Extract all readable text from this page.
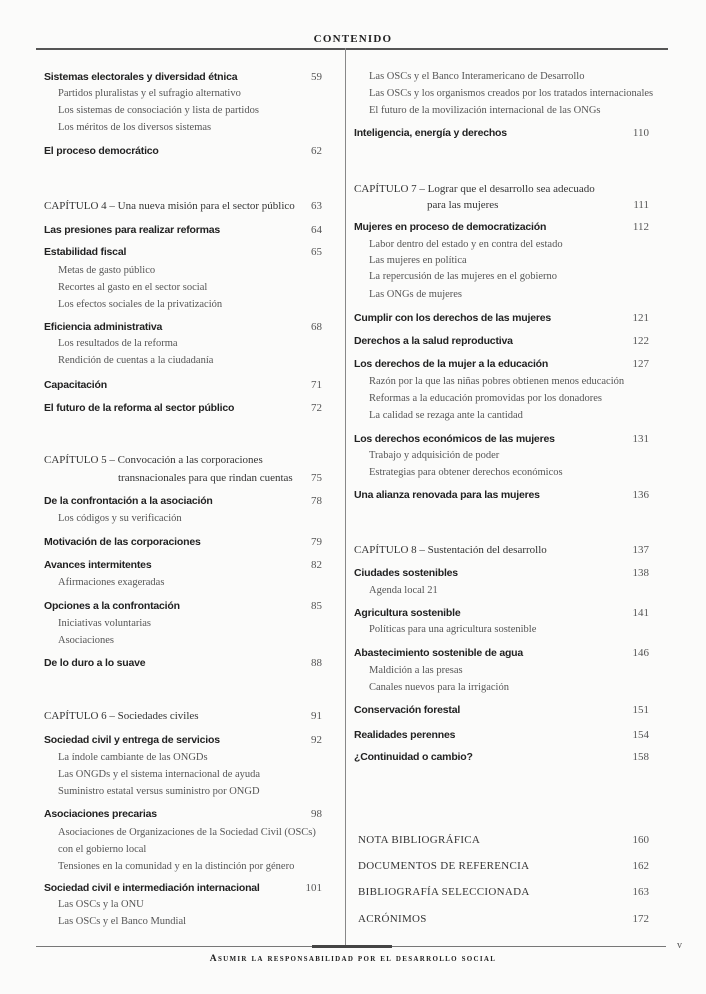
CONTENIDO
Sistemas electorales y diversidad étnica	59
Partidos pluralistas y el sufragio alternativo
Los sistemas de consociación y lista de partidos
Los méritos de los diversos sistemas
El proceso democrático	62
CAPÍTULO 4 – Una nueva misión para el sector público	63
Las presiones para realizar reformas	64
Estabilidad fiscal	65
Metas de gasto público
Recortes al gasto en el sector social
Los efectos sociales de la privatización
Eficiencia administrativa	68
Los resultados de la reforma
Rendición de cuentas a la ciudadanía
Capacitación	71
El futuro de la reforma al sector público	72
CAPÍTULO 5 – Convocación a las corporaciones
transnacionales para que rindan cuentas	75
De la confrontación a la asociación	78
Los códigos y su verificación
Motivación de las corporaciones	79
Avances intermitentes	82
Afirmaciones exageradas
Opciones a la confrontación	85
Iniciativas voluntarias
Asociaciones
De lo duro a lo suave	88
CAPÍTULO 6 – Sociedades civiles	91
Sociedad civil y entrega de servicios	92
La índole cambiante de las ONGDs
Las ONGDs y el sistema internacional de ayuda
Suministro estatal versus suministro por ONGD
Asociaciones precarias	98
Asociaciones de Organizaciones de la Sociedad Civil (OSCs)
con el gobierno local
Tensiones en la comunidad y en la distinción por género
Sociedad civil e intermediación internacional	101
Las OSCs y la ONU
Las OSCs y el Banco Mundial
Las OSCs y el Banco Interamericano de Desarrollo
Las OSCs y los organismos creados por los tratados internacionales
El futuro de la movilización internacional de las ONGs
Inteligencia, energía y derechos	110
CAPÍTULO 7 – Lograr que el desarrollo sea adecuado
para las mujeres	111
Mujeres en proceso de democratización	112
Labor dentro del estado y en contra del estado
Las mujeres en política
La repercusión de las mujeres en el gobierno
Las ONGs de mujeres
Cumplir con los derechos de las mujeres	121
Derechos a la salud reproductiva	122
Los derechos de la mujer a la educación	127
Razón por la que las niñas pobres obtienen menos educación
Reformas a la educación promovidas por los donadores
La calidad se rezaga ante la cantidad
Los derechos económicos de las mujeres	131
Trabajo y adquisición de poder
Estrategias para obtener derechos económicos
Una alianza renovada para las mujeres	136
CAPÍTULO 8 – Sustentación del desarrollo	137
Ciudades sostenibles	138
Agenda local 21
Agricultura sostenible	141
Políticas para una agricultura sostenible
Abastecimiento sostenible de agua	146
Maldición a las presas
Canales nuevos para la irrigación
Conservación forestal	151
Realidades perennes	154
¿Continuidad o cambio?	158
NOTA BIBLIOGRÁFICA	160
DOCUMENTOS DE REFERENCIA	162
BIBLIOGRAFÍA SELECCIONADA	163
ACRÓNIMOS	172
Asumir la responsabilidad por el desarrollo social
v
